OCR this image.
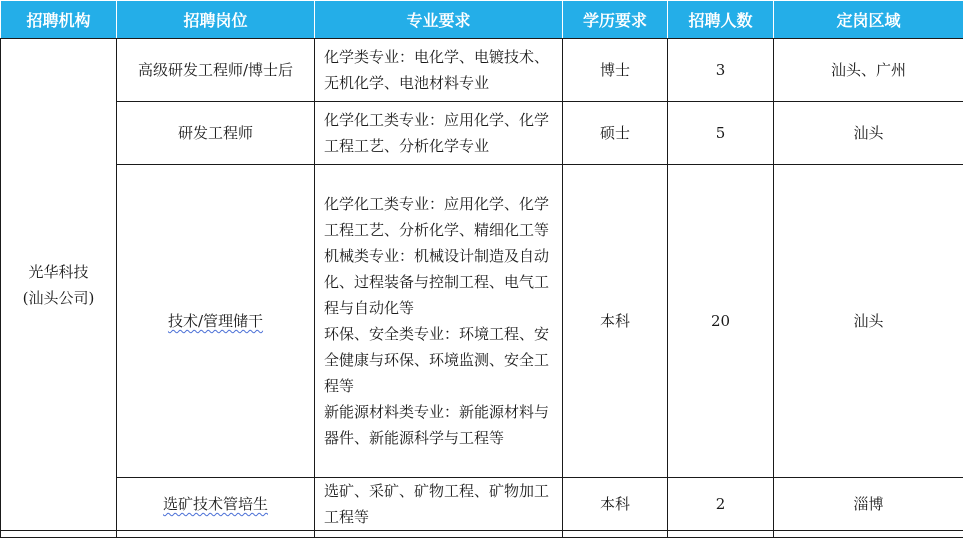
招聘机构	招聘岗位	专业要求	学历要求	招聘人数	定岗区域
光华科技
(汕头公司)	高级研发工程师/博士后	化学类专业：电化学、电镀技术、无机化学、电池材料专业	博士	3	汕头、广州
	研发工程师	化学化工类专业：应用化学、化学工程工艺、分析化学专业	硕士	5	汕头
	技术/管理储干	化学化工类专业：应用化学、化学工程工艺、分析化学、精细化工等
机械类专业：机械设计制造及自动化、过程装备与控制工程、电气工程与自动化等
环保、安全类专业：环境工程、安全健康与环保、环境监测、安全工程等
新能源材料类专业：新能源材料与器件、新能源科学与工程等	本科	20	汕头
	选矿技术管培生	选矿、采矿、矿物工程、矿物加工工程等	本科	2	淄博
